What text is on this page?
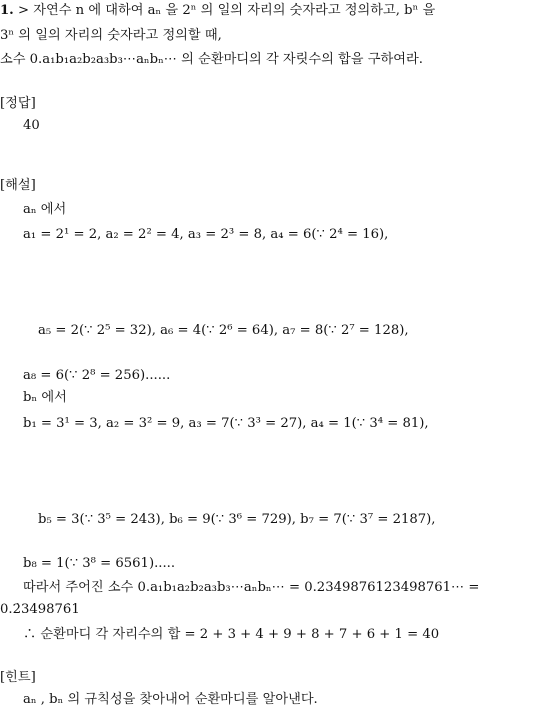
1. > 자연수 n 에 대하여 aₙ 을 2ⁿ 의 일의 자리의 숫자라고 정의하고, bⁿ 을
3ⁿ 의 일의 자리의 숫자라고 정의할 때,
소수 0.a₁b₁a₂b₂a₃b₃⋯aₙbₙ⋯ 의 순환마디의 각 자릿수의 합을 구하여라.
[정답]
40
[해설]
aₙ 에서
a₁ = 2¹ = 2, a₂ = 2² = 4, a₃ = 2³ = 8, a₄ = 6(∵ 2⁴ = 16),
a₅ = 2(∵ 2⁵ = 32), a₆ = 4(∵ 2⁶ = 64), a₇ = 8(∵ 2⁷ = 128),
a₈ = 6(∵ 2⁸ = 256)......
bₙ 에서
b₁ = 3¹ = 3, a₂ = 3² = 9, a₃ = 7(∵ 3³ = 27), a₄ = 1(∵ 3⁴ = 81),
b₅ = 3(∵ 3⁵ = 243), b₆ = 9(∵ 3⁶ = 729), b₇ = 7(∵ 3⁷ = 2187),
b₈ = 1(∵ 3⁸ = 6561).....
따라서 주어진 소수 0.a₁b₁a₂b₂a₃b₃⋯aₙbₙ⋯ = 0.2349876123498761⋯ =
0.2̇349876̇1
∴ 순환마디 각 자리수의 합 = 2 + 3 + 4 + 9 + 8 + 7 + 6 + 1 = 40
[힌트]
aₙ , bₙ 의 규칙성을 찾아내어 순환마디를 알아낸다.
